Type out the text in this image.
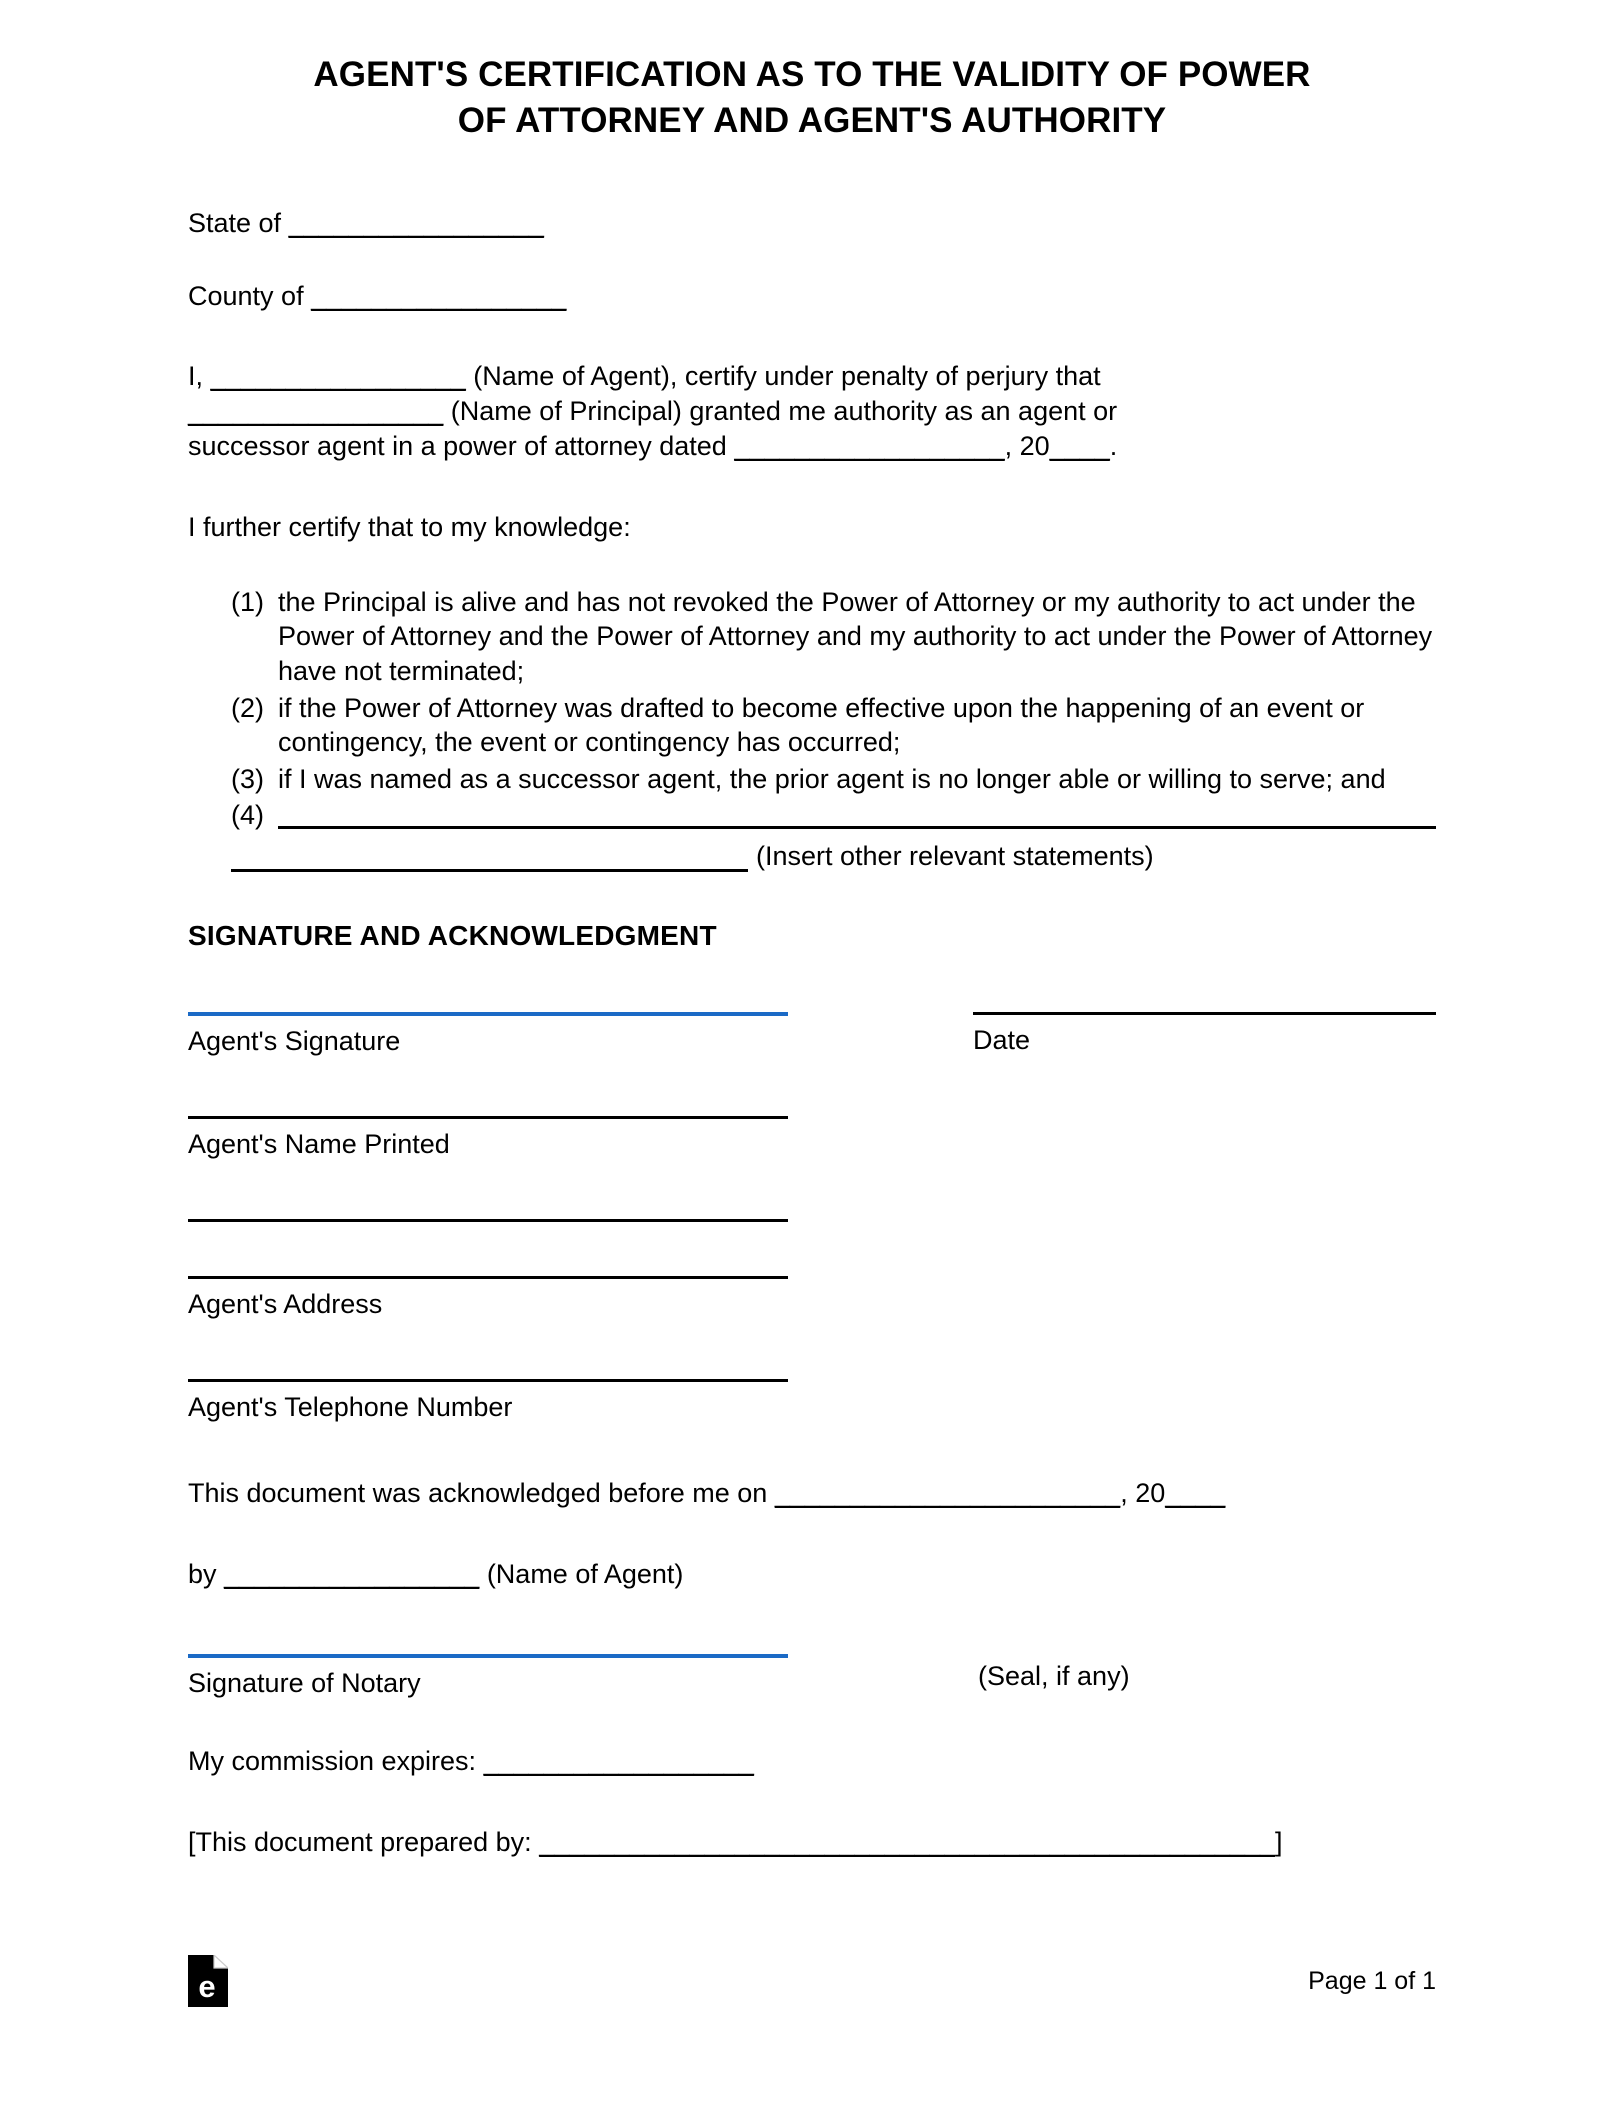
AGENT'S CERTIFICATION AS TO THE VALIDITY OF POWER
OF ATTORNEY AND AGENT'S AUTHORITY
State of _________________
County of _________________
I, _________________ (Name of Agent), certify under penalty of perjury that
_________________ (Name of Principal) granted me authority as an agent or
successor agent in a power of attorney dated __________________, 20____.
I further certify that to my knowledge:
(1) the Principal is alive and has not revoked the Power of Attorney or my authority to act under the Power of Attorney and the Power of Attorney and my authority to act under the Power of Attorney have not terminated;
(2) if the Power of Attorney was drafted to become effective upon the happening of an event or contingency, the event or contingency has occurred;
(3) if I was named as a successor agent, the prior agent is no longer able or willing to serve; and
(4)
(Insert other relevant statements)
SIGNATURE AND ACKNOWLEDGMENT
Agent's Signature	Date
Agent's Name Printed
Agent's Address
Agent's Telephone Number
This document was acknowledged before me on _______________________, 20____
by _________________ (Name of Agent)
Signature of Notary	(Seal, if any)
My commission expires: __________________
[This document prepared by: _________________________________________________]
e	Page 1 of 1
